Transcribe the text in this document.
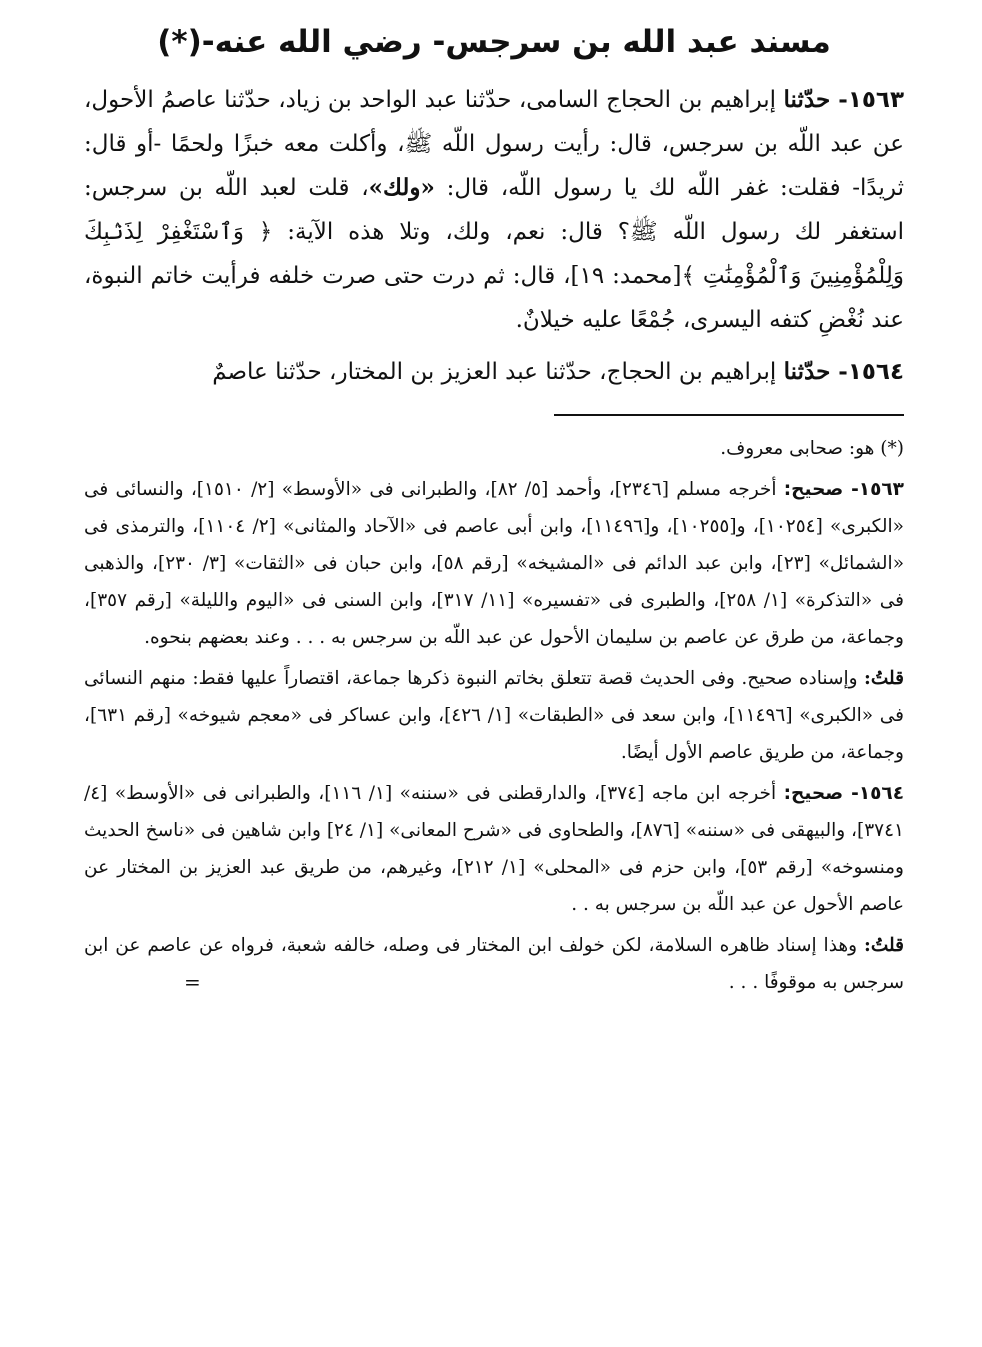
مسند عبد الله بن سرجس- رضي الله عنه-(*)

١٥٦٣- حدّثنا إبراهيم بن الحجاج السامى، حدّثنا عبد الواحد بن زياد، حدّثنا عاصمُ الأحول، عن عبد اللّه بن سرجس، قال: رأيت رسول اللّه ﷺ، وأكلت معه خبزًا ولحمًا -أو قال: ثريدًا- فقلت: غفر اللّه لك يا رسول اللّه، قال: «ولك»، قلت لعبد اللّه بن سرجس: استغفر لك رسول اللّه ﷺ؟ قال: نعم، ولك، وتلا هذه الآية: ﴿ وَٱسْتَغْفِرْ لِذَنۢبِكَ وَلِلْمُؤْمِنِينَ وَٱلْمُؤْمِنَٰتِ ﴾[محمد: ١٩]، قال: ثم درت حتى صرت خلفه فرأيت خاتم النبوة، عند نُغْضِ كتفه اليسرى، جُمْعًا عليه خيلانٌ.

١٥٦٤- حدّثنا إبراهيم بن الحجاج، حدّثنا عبد العزيز بن المختار، حدّثنا عاصمٌ

(*) هو: صحابى معروف.

١٥٦٣- صحيح: أخرجه مسلم [٢٣٤٦]، وأحمد [٥/ ٨٢]، والطبرانى فى «الأوسط» [٢/ ١٥١٠]، والنسائى فى «الكبرى» [١٠٢٥٤]، و[١٠٢٥٥]، و[١١٤٩٦]، وابن أبى عاصم فى «الآحاد والمثانى» [٢/ ١١٠٤]، والترمذى فى «الشمائل» [٢٣]، وابن عبد الدائم فى «المشيخه» [رقم ٥٨]، وابن حبان فى «الثقات» [٣/ ٢٣٠]، والذهبى فى «التذكرة» [١/ ٢٥٨]، والطبرى فى «تفسيره» [١١/ ٣١٧]، وابن السنى فى «اليوم والليلة» [رقم ٣٥٧]، وجماعة، من طرق عن عاصم بن سليمان الأحول عن عبد اللّه بن سرجس به . . . وعند بعضهم بنحوه.

قلتُ: وإسناده صحيح. وفى الحديث قصة تتعلق بخاتم النبوة ذكرها جماعة، اقتصاراً عليها فقط: منهم النسائى فى «الكبرى» [١١٤٩٦]، وابن سعد فى «الطبقات» [١/ ٤٢٦]، وابن عساكر فى «معجم شيوخه» [رقم ٦٣١]، وجماعة، من طريق عاصم الأول أيضًا.

١٥٦٤- صحيح: أخرجه ابن ماجه [٣٧٤]، والدارقطنى فى «سننه» [١/ ١١٦]، والطبرانى فى «الأوسط» [٤/ ٣٧٤١]، والبيهقى فى «سننه» [٨٧٦]، والطحاوى فى «شرح المعانى» [١/ ٢٤] وابن شاهين فى «ناسخ الحديث ومنسوخه» [رقم ٥٣]، وابن حزم فى «المحلى» [١/ ٢١٢]، وغيرهم، من طريق عبد العزيز بن المختار عن عاصم الأحول عن عبد اللّه بن سرجس به . .

قلتُ: وهذا إسناد ظاهره السلامة، لكن خولف ابن المختار فى وصله، خالفه شعبة، فرواه عن عاصم عن ابن سرجس به موقوفًا . . .
=
